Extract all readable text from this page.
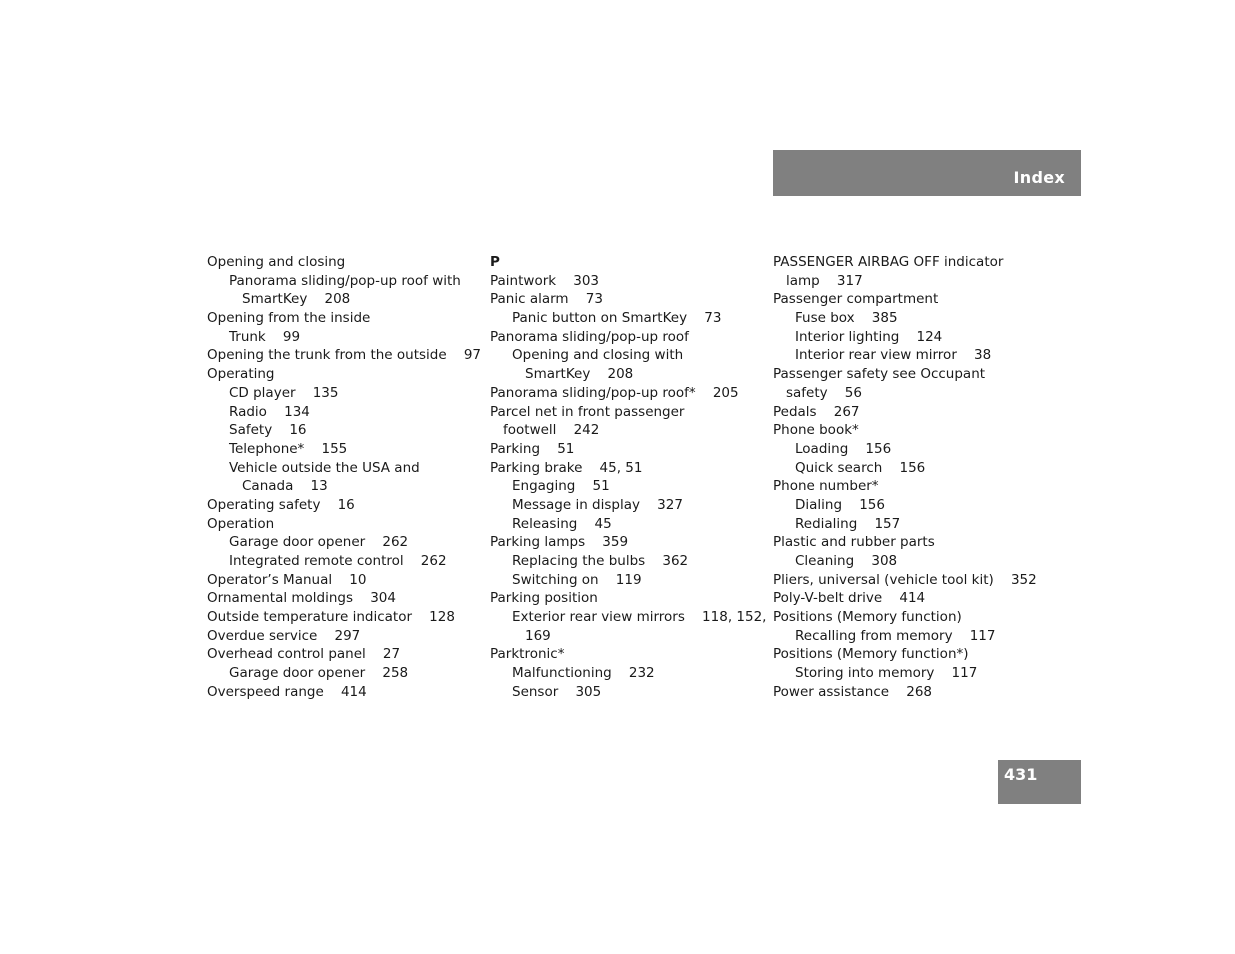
Index
Opening and closing
Panorama sliding/pop-up roof with
SmartKey    208
Opening from the inside
Trunk    99
Opening the trunk from the outside    97
Operating
CD player    135
Radio    134
Safety    16
Telephone*    155
Vehicle outside the USA and
Canada    13
Operating safety    16
Operation
Garage door opener    262
Integrated remote control    262
Operator’s Manual    10
Ornamental moldings    304
Outside temperature indicator    128
Overdue service    297
Overhead control panel    27
Garage door opener    258
Overspeed range    414
P
Paintwork    303
Panic alarm    73
Panic button on SmartKey    73
Panorama sliding/pop-up roof
Opening and closing with
SmartKey    208
Panorama sliding/pop-up roof*    205
Parcel net in front passenger
footwell    242
Parking    51
Parking brake    45, 51
Engaging    51
Message in display    327
Releasing    45
Parking lamps    359
Replacing the bulbs    362
Switching on    119
Parking position
Exterior rear view mirrors    118, 152,
169
Parktronic*
Malfunctioning    232
Sensor    305
PASSENGER AIRBAG OFF indicator
lamp    317
Passenger compartment
Fuse box    385
Interior lighting    124
Interior rear view mirror    38
Passenger safety see Occupant
safety    56
Pedals    267
Phone book*
Loading    156
Quick search    156
Phone number*
Dialing    156
Redialing    157
Plastic and rubber parts
Cleaning    308
Pliers, universal (vehicle tool kit)    352
Poly-V-belt drive    414
Positions (Memory function)
Recalling from memory    117
Positions (Memory function*)
Storing into memory    117
Power assistance    268
431
